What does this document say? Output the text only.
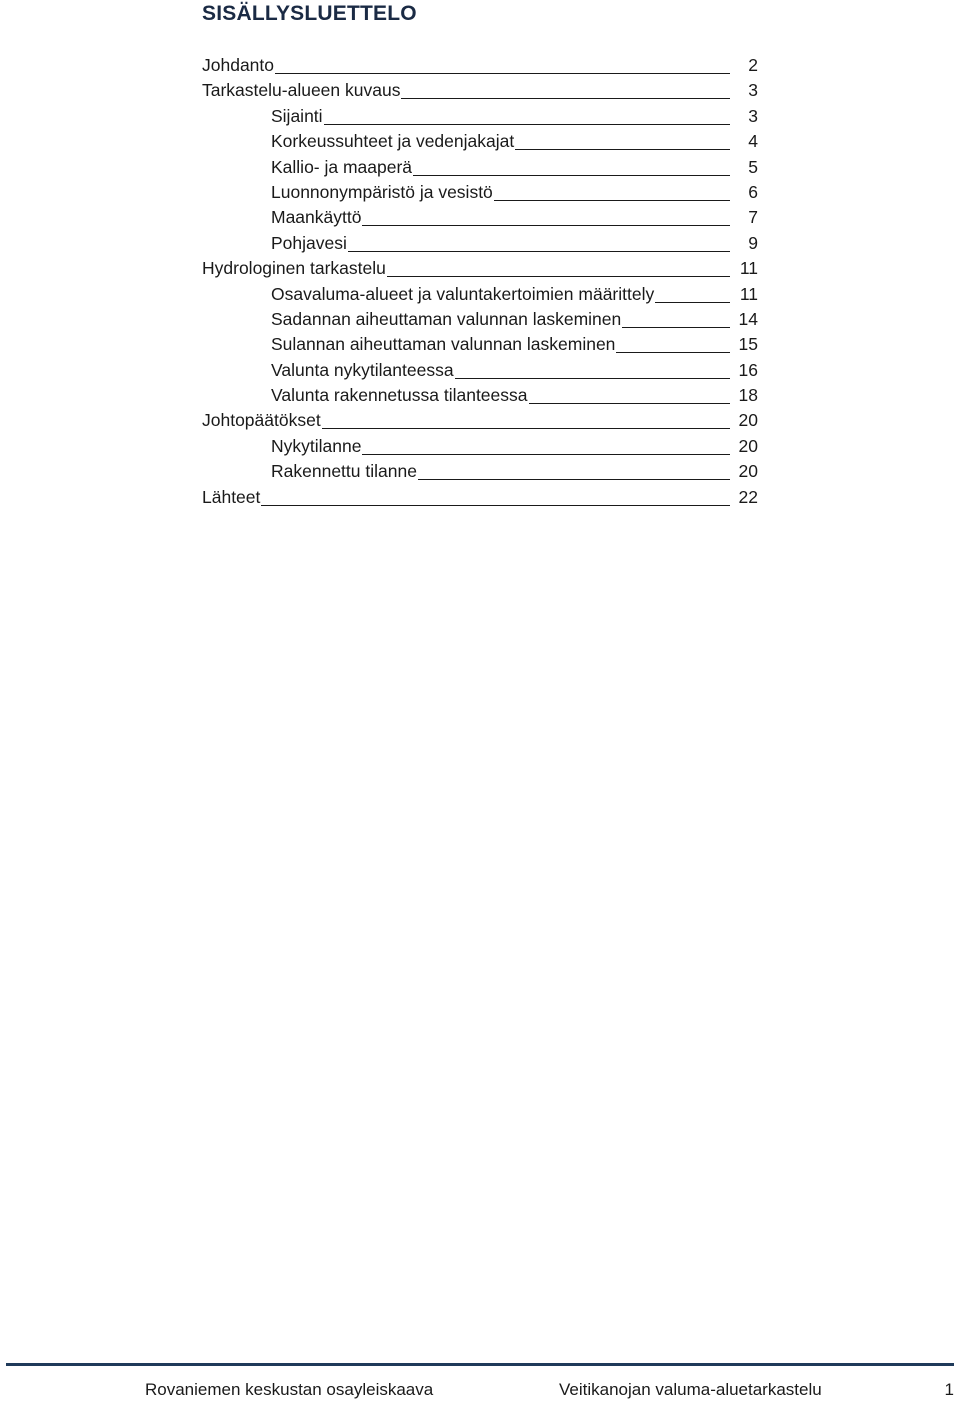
SISÄLLYSLUETTELO
Johdanto	2
Tarkastelu-alueen kuvaus	3
Sijainti	3
Korkeussuhteet ja vedenjakajat	4
Kallio- ja maaperä	5
Luonnonympäristö ja vesistö	6
Maankäyttö	7
Pohjavesi	9
Hydrologinen tarkastelu	11
Osavaluma-alueet ja valuntakertoimien määrittely	11
Sadannan aiheuttaman valunnan laskeminen	14
Sulannan aiheuttaman valunnan laskeminen	15
Valunta nykytilanteessa	16
Valunta rakennetussa tilanteessa	18
Johtopäätökset	20
Nykytilanne	20
Rakennettu tilanne	20
Lähteet	22
Rovaniemen keskustan osayleiskaava	Veitikanojan valuma-aluetarkastelu	1
